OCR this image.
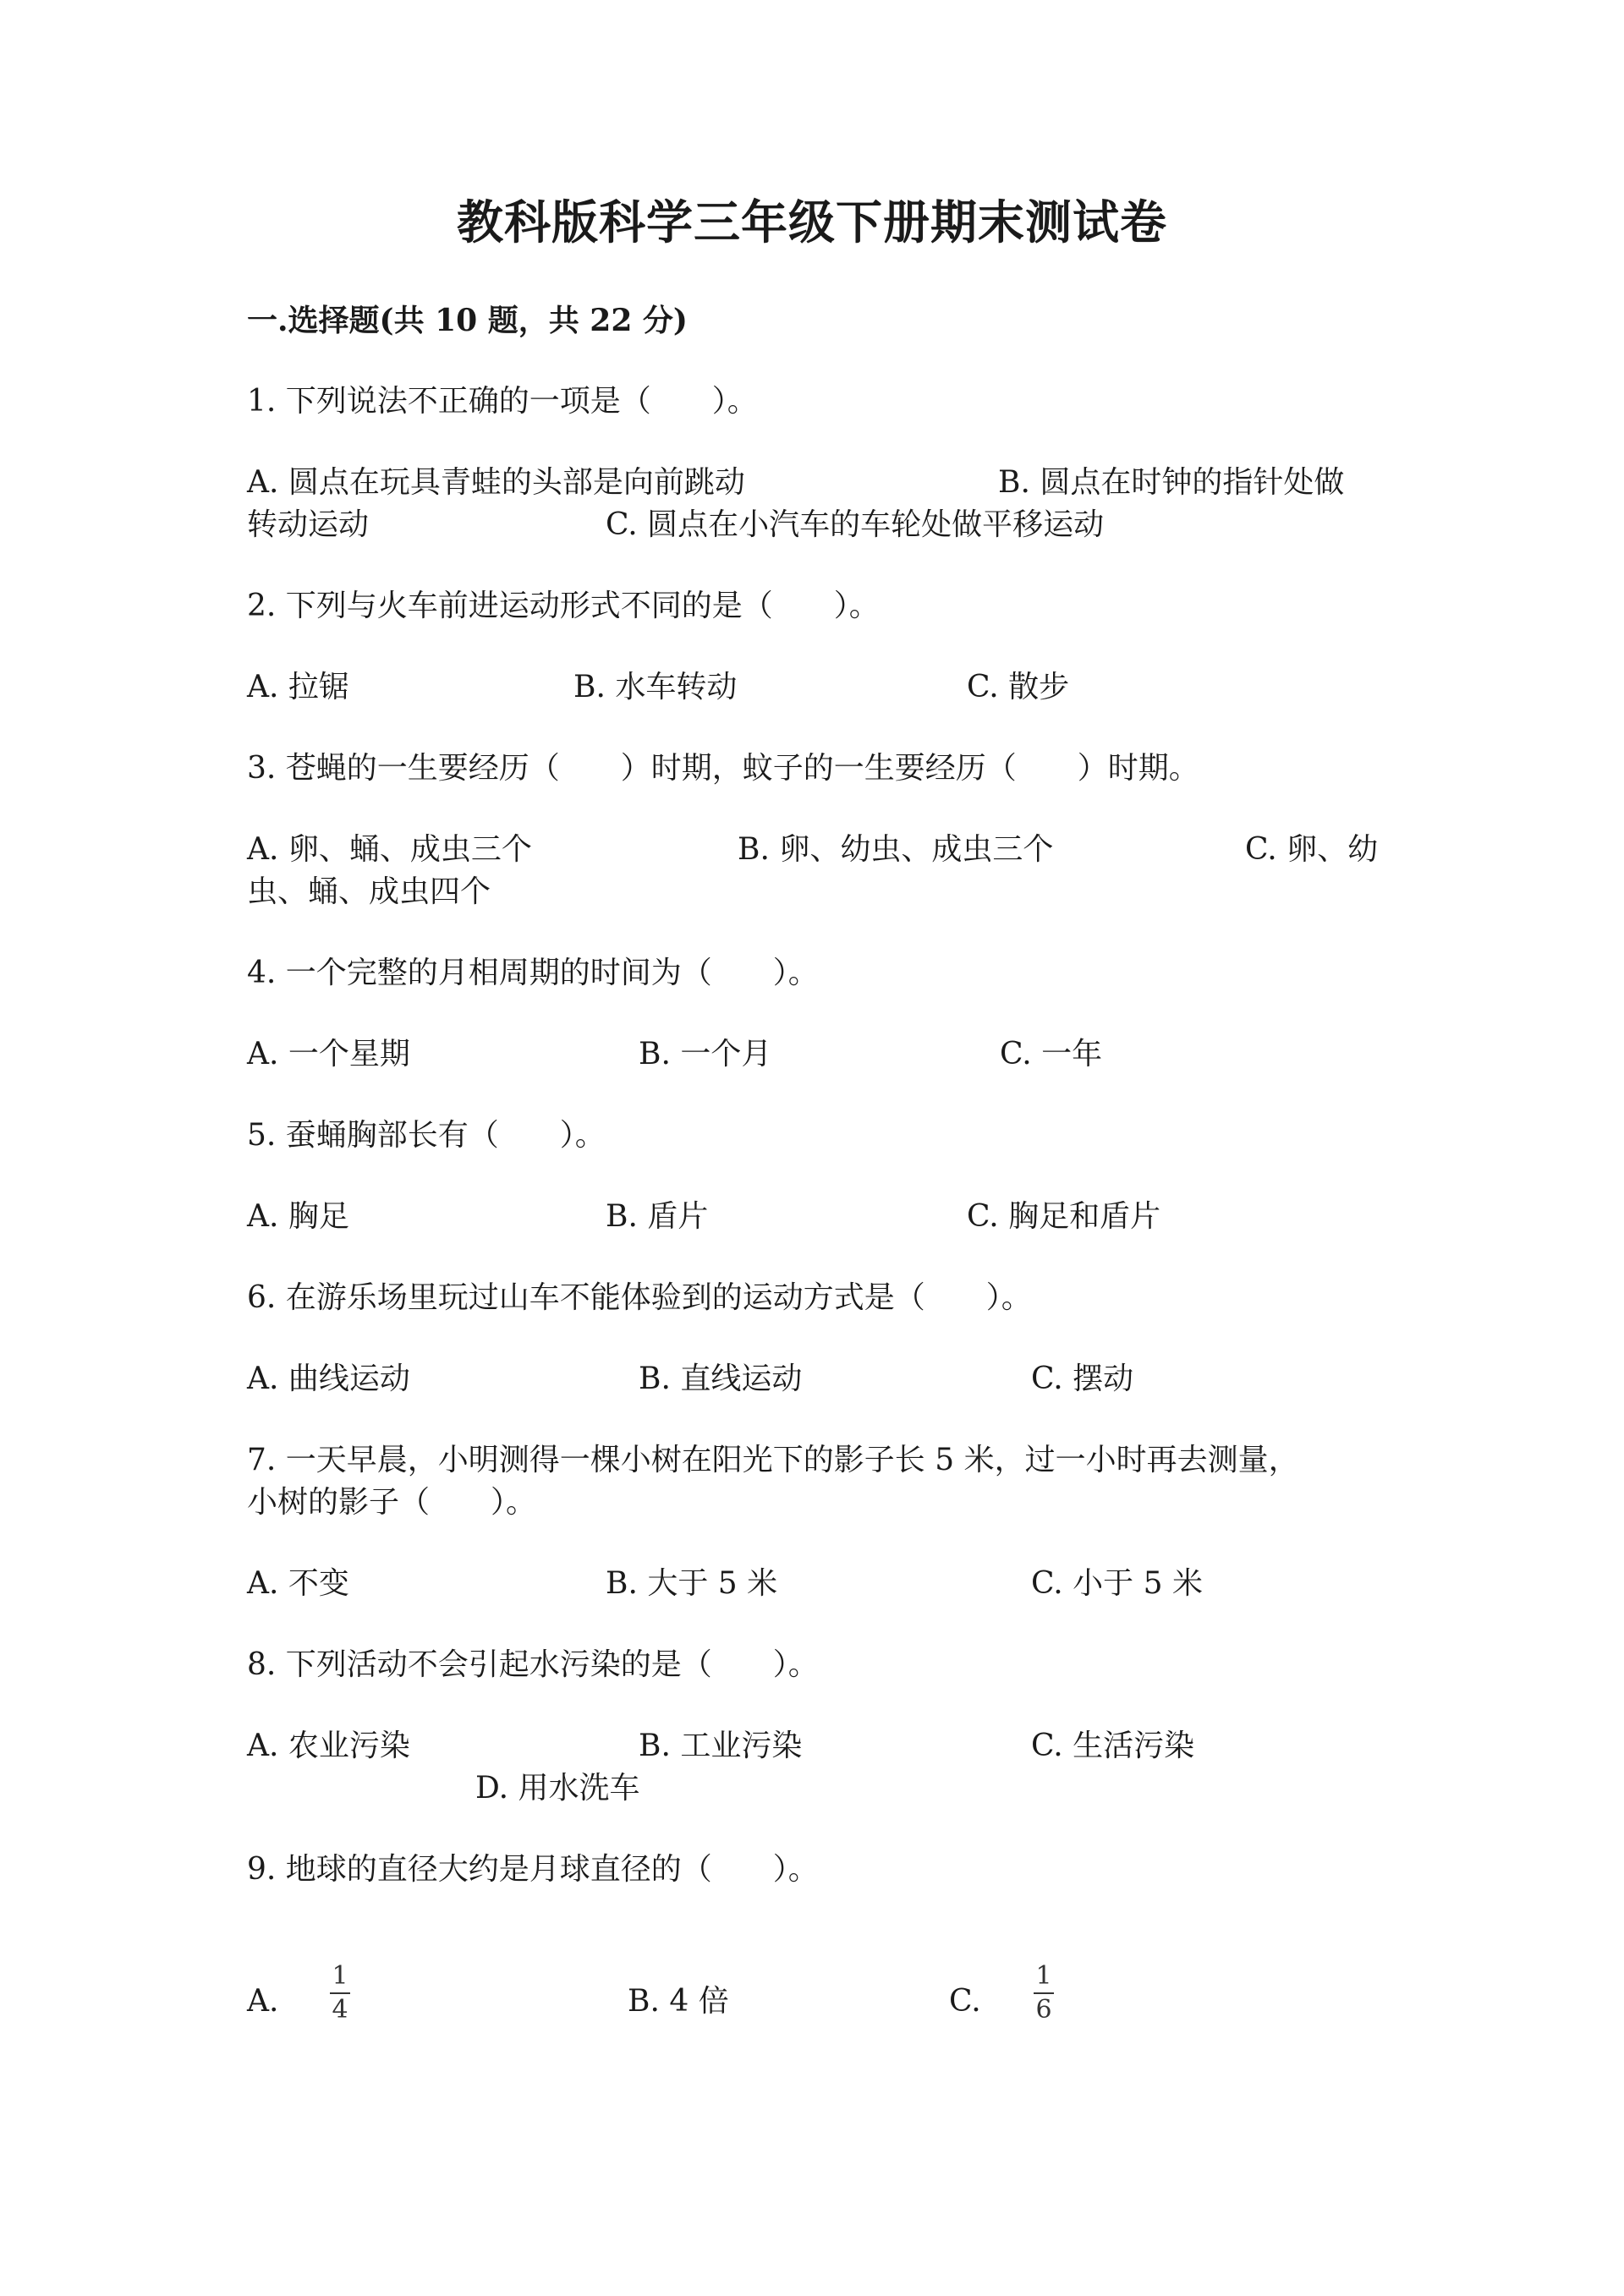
教科版科学三年级下册期末测试卷
一.选择题(共 10 题，共 22 分)
1. 下列说法不正确的一项是（　　）。
A. 圆点在玩具青蛙的头部是向前跳动	B. 圆点在时钟的指针处做
转动运动	C. 圆点在小汽车的车轮处做平移运动
2. 下列与火车前进运动形式不同的是（　　）。
A. 拉锯	B. 水车转动	C. 散步
3. 苍蝇的一生要经历（　　）时期，蚊子的一生要经历（　　）时期。
A. 卵、蛹、成虫三个	B. 卵、幼虫、成虫三个	C. 卵、幼
虫、蛹、成虫四个
4. 一个完整的月相周期的时间为（　　）。
A. 一个星期	B. 一个月	C. 一年
5. 蚕蛹胸部长有（　　）。
A. 胸足	B. 盾片	C. 胸足和盾片
6. 在游乐场里玩过山车不能体验到的运动方式是（　　）。
A. 曲线运动	B. 直线运动	C. 摆动
7. 一天早晨，小明测得一棵小树在阳光下的影子长 5 米，过一小时再去测量，
小树的影子（　　）。
A. 不变	B. 大于 5 米	C. 小于 5 米
8. 下列活动不会引起水污染的是（　　）。
A. 农业污染	B. 工业污染	C. 生活污染
D. 用水洗车
9. 地球的直径大约是月球直径的（　　）。
A.
1
4	B. 4 倍	C.
1
6
